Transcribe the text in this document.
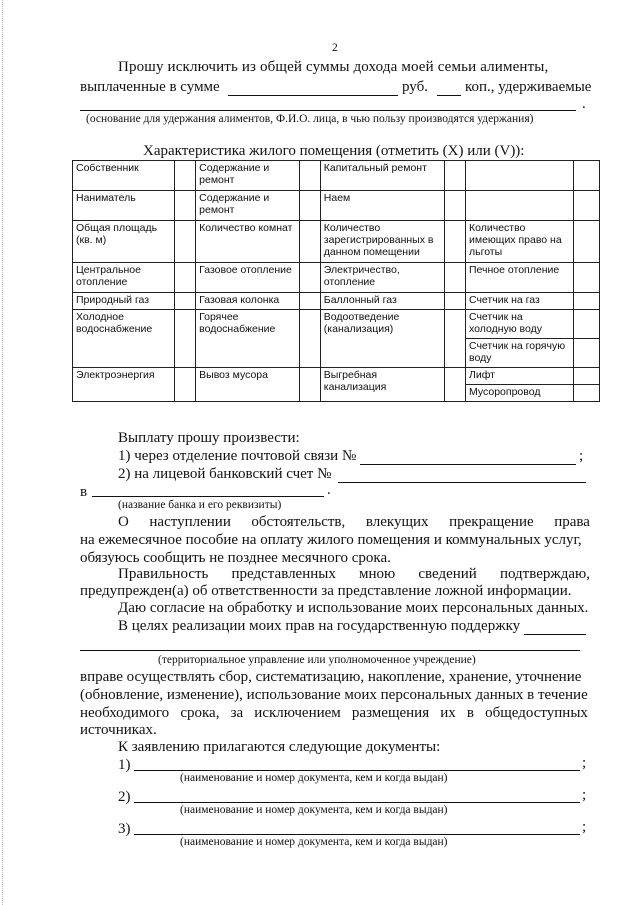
2
Прошу исключить из общей суммы дохода моей семьи алименты,
выплаченные в сумме	руб. коп., удерживаемые
.
(основание для удержания алиментов, Ф.И.О. лица, в чью пользу производятся удержания)
Характеристика жилого помещения (отметить (X) или (V)):
Собственник		Содержание и ремонт		Капитальный ремонт			
Наниматель		Содержание и ремонт		Наем			
Общая площадь (кв. м)		Количество комнат		Количество зарегистрированных в данном помещении		Количество имеющих право на льготы	
Центральное отопление		Газовое отопление		Электричество, отопление		Печное отопление	
Природный газ		Газовая колонка		Баллонный газ		Счетчик на газ	
Холодное водоснабжение		Горячее водоснабжение		Водоотведение (канализация)		Счетчик на холодную воду	
						Счетчик на горячую воду	
Электроэнергия		Вывоз мусора		Выгребная канализация		Лифт	
						Мусоропровод	
Выплату прошу произвести:
1) через отделение почтовой связи №	;
2) на лицевой банковский счет №
в	.
(название банка и его реквизиты)
О наступлении обстоятельств, влекущих прекращение права
на ежемесячное пособие на оплату жилого помещения и коммунальных услуг,
обязуюсь сообщить не позднее месячного срока.
Правильность представленных мною сведений подтверждаю,
предупрежден(а) об ответственности за представление ложной информации.
Даю согласие на обработку и использование моих персональных данных.
В целях реализации моих прав на государственную поддержку
(территориальное управление или уполномоченное учреждение)
вправе осуществлять сбор, систематизацию, накопление, хранение, уточнение
(обновление, изменение), использование моих персональных данных в течение
необходимого срока, за исключением размещения их в общедоступных
источниках.
К заявлению прилагаются следующие документы:
1)	;
(наименование и номер документа, кем и когда выдан)
2)	;
(наименование и номер документа, кем и когда выдан)
3)	;
(наименование и номер документа, кем и когда выдан)
